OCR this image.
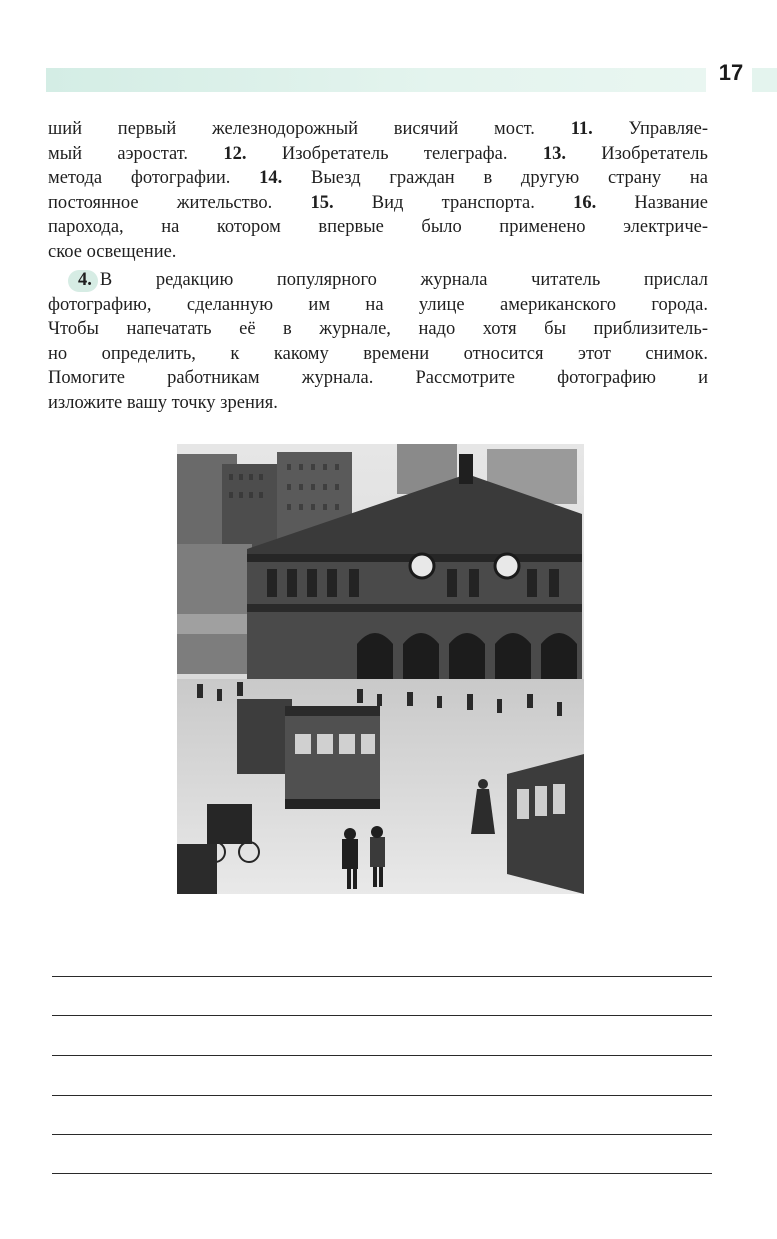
17
ший первый железнодорожный висячий мост. 11. Управляе-
мый аэростат. 12. Изобретатель телеграфа. 13. Изобретатель
метода фотографии. 14. Выезд граждан в другую страну на
постоянное жительство. 15. Вид транспорта. 16. Название
парохода, на котором впервые было применено электриче-
ское освещение.
4. В редакцию популярного журнала читатель прислал
фотографию, сделанную им на улице американского города.
Чтобы напечатать её в журнале, надо хотя бы приблизитель-
но определить, к какому времени относится этот снимок.
Помогите работникам журнала. Рассмотрите фотографию и
изложите вашу точку зрения.
